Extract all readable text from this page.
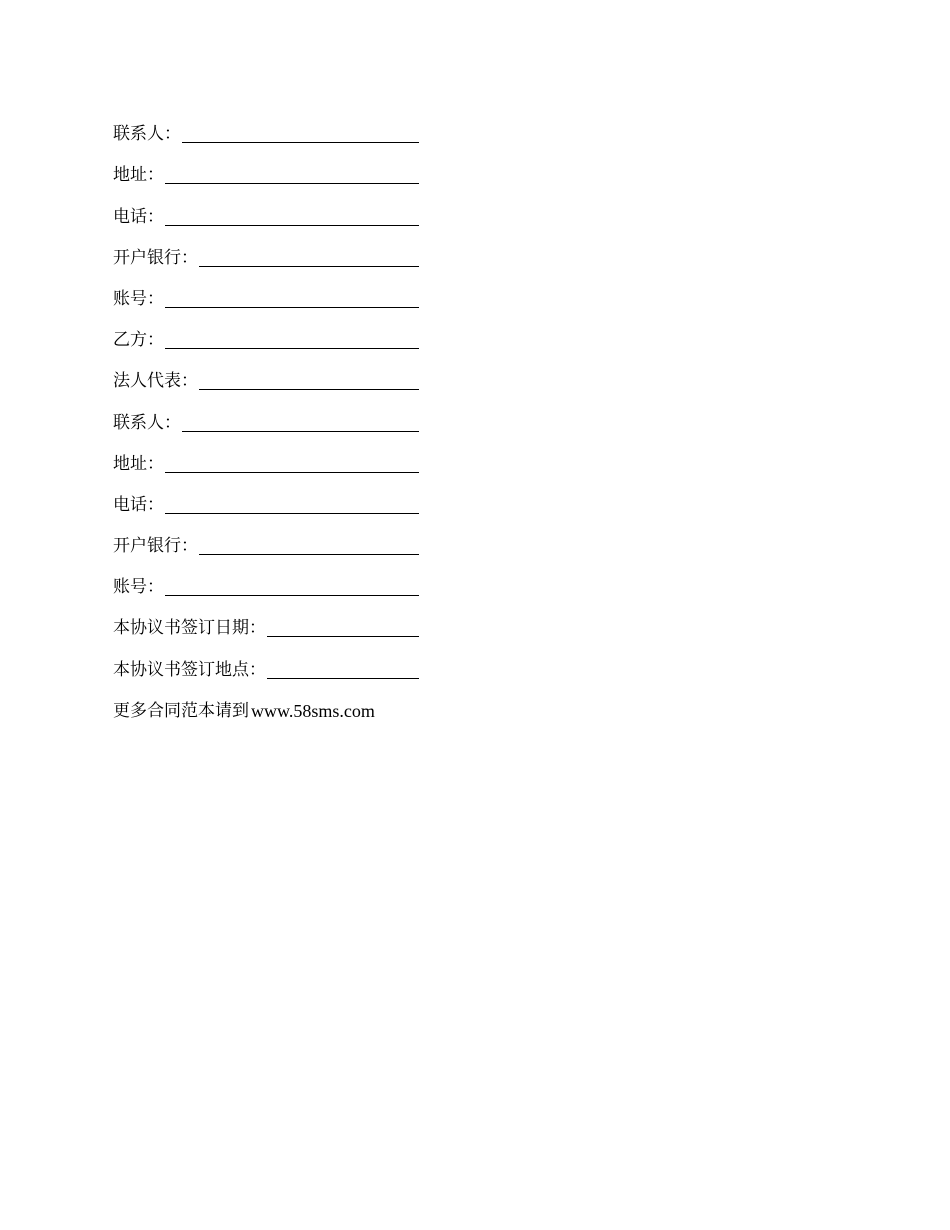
联系人：
地址：
电话：
开户银行：
账号：
乙方：
法人代表：
联系人：
地址：
电话：
开户银行：
账号：
本协议书签订日期：
本协议书签订地点：
更多合同范本请到 www.58sms.com
